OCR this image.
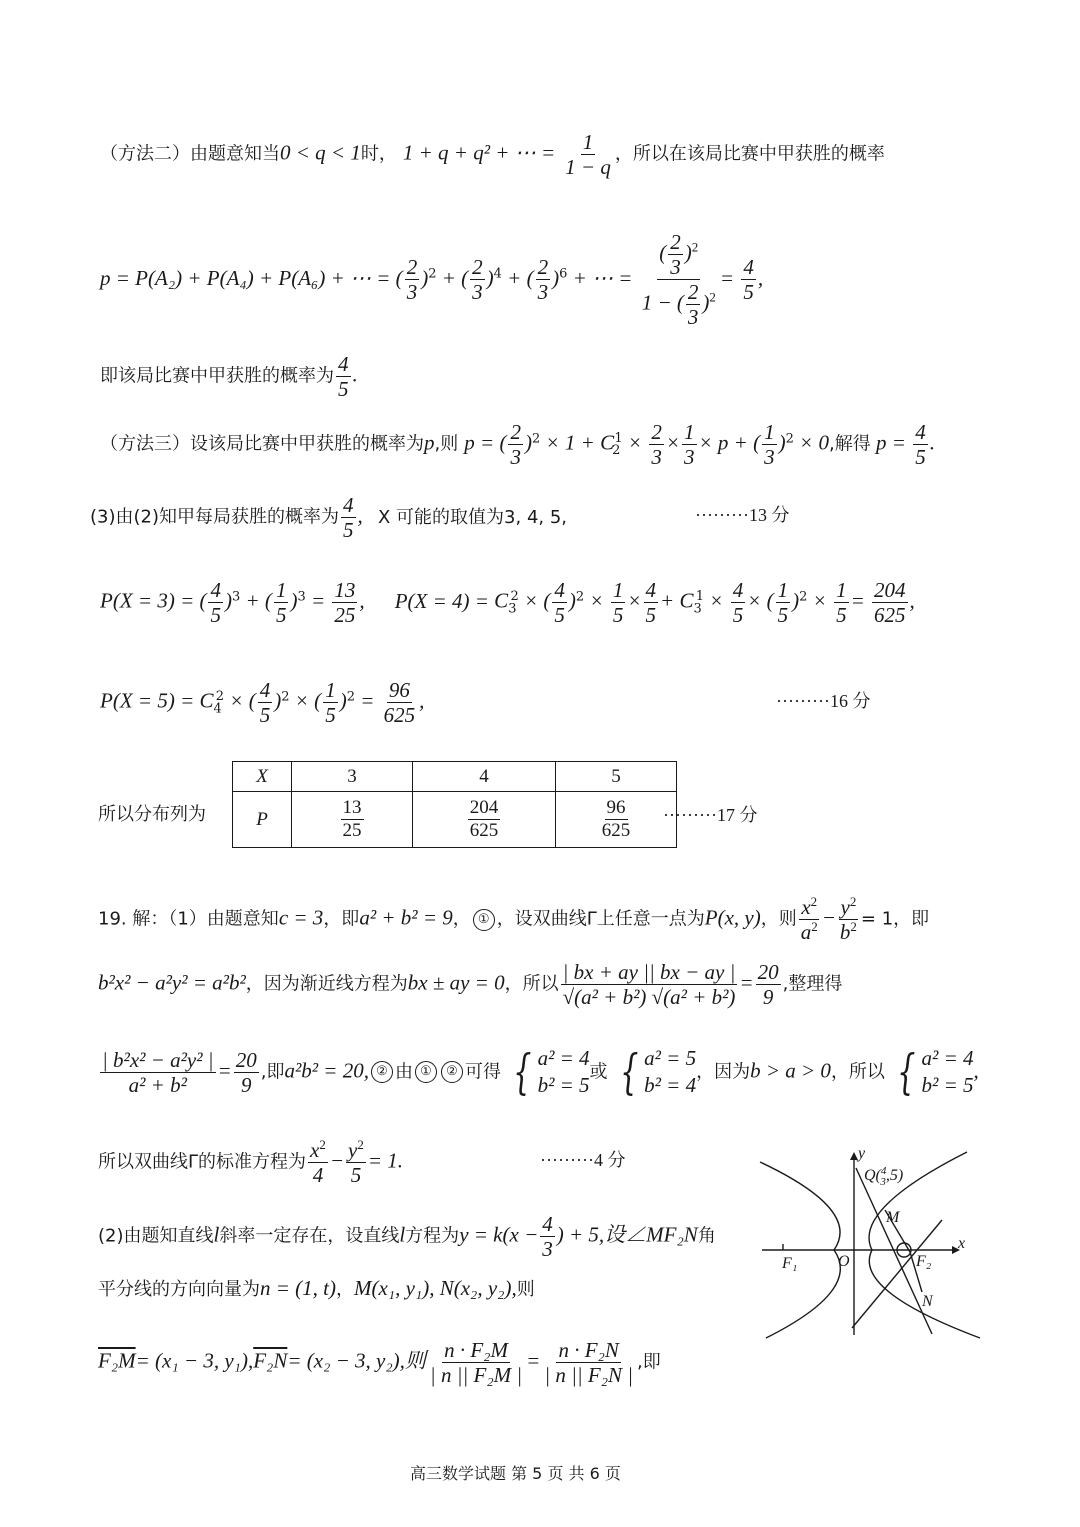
（方法二）由题意知当0 < q < 1时， 1 + q + q² + ⋯ = $\frac{1}{1 - q}$ ，所以在该局比赛中甲获胜的概率
p = P(A₂) + P(A₄) + P(A₆) + ⋯ = ( $\frac{2}{3} )^2$ + ( $\frac{2}{3} )^4$ + ( $\frac{2}{3} )^6$ + ⋯ = $\frac{( \frac{2}{3} )^2}{1 - ( \frac{2}{3} )^2} = \frac{4}{5}$ ,
即该局比赛中甲获胜的概率为 $\frac{4}{5}$ .
（方法三）设该局比赛中甲获胜的概率为p,则 p = ( $\frac{2}{3} )^2 \times 1 + C_2^1 \times \frac{2}{3} \times \frac{1}{3} \times p$ + ( $\frac{1}{3} )^2 \times 0$,解得 $p = \frac{4}{5}$ .
(3)由(2)知甲每局获胜的概率为 $\frac{4}{5}$ , X 可能的取值为3, 4, 5,	·········13 分
P(X = 3) = ( $\frac{4}{5} )^3$ + ( $\frac{1}{5} )^3 = \frac{13}{25}$ , $P(X = 4) = C_3^2$ × ( $\frac{4}{5} )^2 \times \frac{1}{5} \times \frac{4}{5} + C_3^1 \times \frac{4}{5}$ × ( $\frac{1}{5} )^2 \times \frac{1}{5} = \frac{204}{625}$ ,
$P(X = 5) = C_4^2$ × ( $\frac{4}{5} )^2$ × ( $\frac{1}{5} )^2 = \frac{96}{625}$ ,	·········16 分
所以分布列为
X	3	4	5
P	$\frac{13}{25}$	$\frac{204}{625}$	$\frac{96}{625} \cdot\cdot\cdot\cdot\cdot\cdot\cdot\cdot\cdot 17$ 分
19. 解：（1）由题意知c = 3，即a² + b² = 9， ① ，设双曲线Γ上任意一点为P(x, y)，则 $\frac{x^2}{a^2} - \frac{y^2}{b^2} = 1$，即
b²x² − a²y² = a²b²，因为渐近线方程为bx ± ay = 0，所以 $\frac{| bx + ay || bx - ay |}{\text{√(a² + b²) √(a² + b²)}} = \frac{20}{9}$ ,整理得
$\frac{\text{| b²x² − a²y² |}}{\text{a² + b²}} = \frac{20}{9}$ ,即a²b² = 20, ② 由 ① ② 可得 { a² = 4
b² = 5
或 { a² = 5
b² = 4
，因为b > a > 0，所以 { a² = 4
b² = 5
,
所以双曲线Γ的标准方程为 $\frac{x^2}{4} - \frac{y^2}{5} = 1$.	·········4 分
(2)由题知直线l斜率一定存在，设直线l方程为$y = k(x - \frac{4}{3}$ ) + 5,设∠MF₂N角
平分线的方向向量为n = (1, t)，M(x₁, y₁), N(x₂, y₂),则
F₂M= (x₁ − 3, y₁),F₂N= (x₂ − 3, y₂),则 $\frac{\text{n · F₂M}}{\text{| n || F₂M |}} = \frac{\text{n · F₂N}}{\text{| n || F₂N |}}$ ,即
y
x
O
F₁	F₂
M
N
Q($^4$ 3,5)
高三数学试题 第 5 页 共 6 页
